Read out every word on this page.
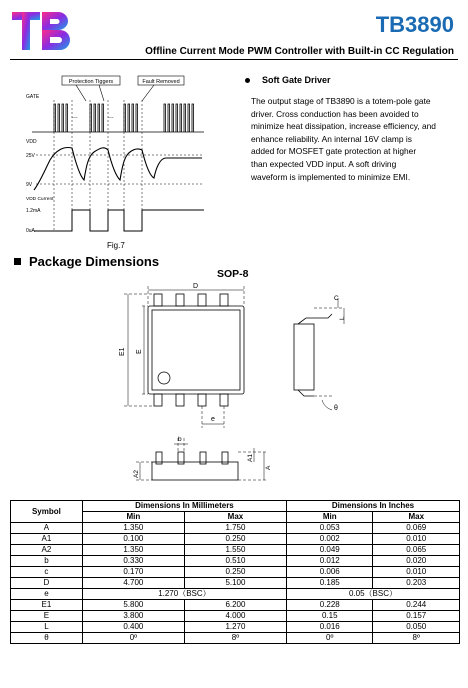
TB3890
Offline Current Mode PWM Controller with Built-in CC Regulation
Protection Tiggers	Fault Removed
GATE
...	...
VDD
25V
9V
VDD Current
1.2mA
0uA
Fig.7
Soft Gate Driver
The output stage of TB3890 is a totem-pole gate
driver. Cross conduction has been avoided to
minimize heat dissipation, increase efficiency, and
enhance reliability. An internal 16V clamp is
added for MOSFET gate protection at higher
than expected VDD input. A soft driving
waveform is implemented to minimize EMI.
Package Dimensions
SOP-8
D
E1 E
e
C
L
θ
b
A2
A1
A
Symbol	Dimensions In Millimeters		Dimensions In Inches	
	Min	Max	Min	Max
A	1.350	1.750	0.053	0.069
A1	0.100	0.250	0.002	0.010
A2	1.350	1.550	0.049	0.065
b	0.330	0.510	0.012	0.020
c	0.170	0.250	0.006	0.010
D	4.700	5.100	0.185	0.203
e	1.270（BSC）		0.05（BSC）	
E1	5.800	6.200	0.228	0.244
E	3.800	4.000	0.15	0.157
L	0.400	1.270	0.016	0.050
θ	0º	8º	0º	8º
